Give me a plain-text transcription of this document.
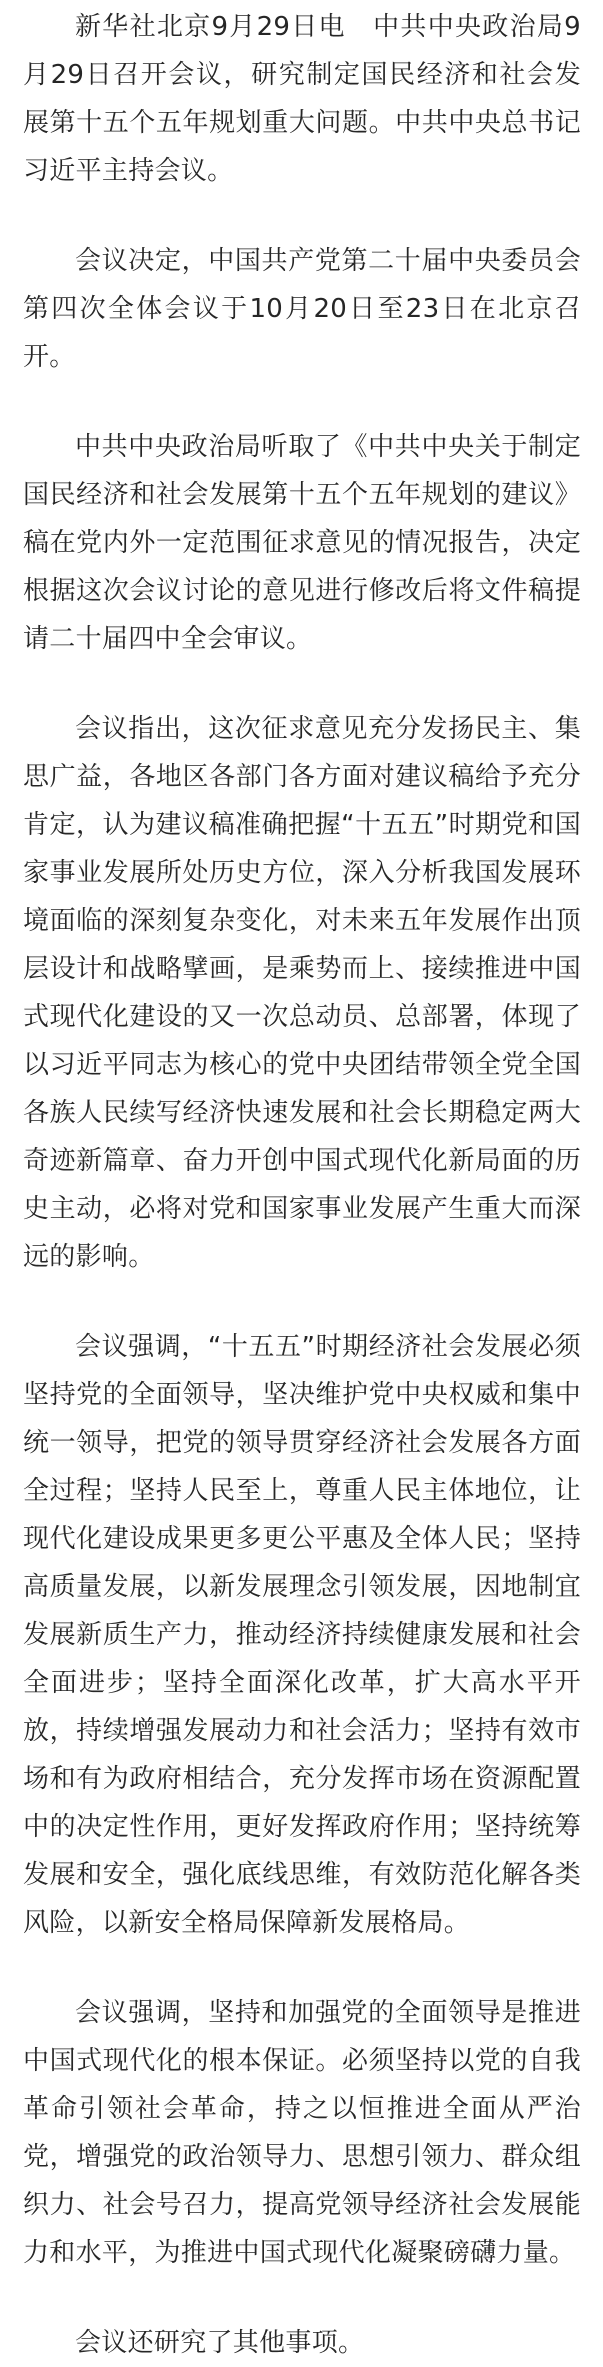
新华社北京9月29日电　中共中央政治局9月29日召开会议，研究制定国民经济和社会发展第十五个五年规划重大问题。中共中央总书记习近平主持会议。

会议决定，中国共产党第二十届中央委员会第四次全体会议于10月20日至23日在北京召开。

中共中央政治局听取了《中共中央关于制定国民经济和社会发展第十五个五年规划的建议》稿在党内外一定范围征求意见的情况报告，决定根据这次会议讨论的意见进行修改后将文件稿提请二十届四中全会审议。

会议指出，这次征求意见充分发扬民主、集思广益，各地区各部门各方面对建议稿给予充分肯定，认为建议稿准确把握“十五五”时期党和国家事业发展所处历史方位，深入分析我国发展环境面临的深刻复杂变化，对未来五年发展作出顶层设计和战略擘画，是乘势而上、接续推进中国式现代化建设的又一次总动员、总部署，体现了以习近平同志为核心的党中央团结带领全党全国各族人民续写经济快速发展和社会长期稳定两大奇迹新篇章、奋力开创中国式现代化新局面的历史主动，必将对党和国家事业发展产生重大而深远的影响。

会议强调，“十五五”时期经济社会发展必须坚持党的全面领导，坚决维护党中央权威和集中统一领导，把党的领导贯穿经济社会发展各方面全过程；坚持人民至上，尊重人民主体地位，让现代化建设成果更多更公平惠及全体人民；坚持高质量发展，以新发展理念引领发展，因地制宜发展新质生产力，推动经济持续健康发展和社会全面进步；坚持全面深化改革，扩大高水平开放，持续增强发展动力和社会活力；坚持有效市场和有为政府相结合，充分发挥市场在资源配置中的决定性作用，更好发挥政府作用；坚持统筹发展和安全，强化底线思维，有效防范化解各类风险，以新安全格局保障新发展格局。

会议强调，坚持和加强党的全面领导是推进中国式现代化的根本保证。必须坚持以党的自我革命引领社会革命，持之以恒推进全面从严治党，增强党的政治领导力、思想引领力、群众组织力、社会号召力，提高党领导经济社会发展能力和水平，为推进中国式现代化凝聚磅礴力量。

会议还研究了其他事项。
